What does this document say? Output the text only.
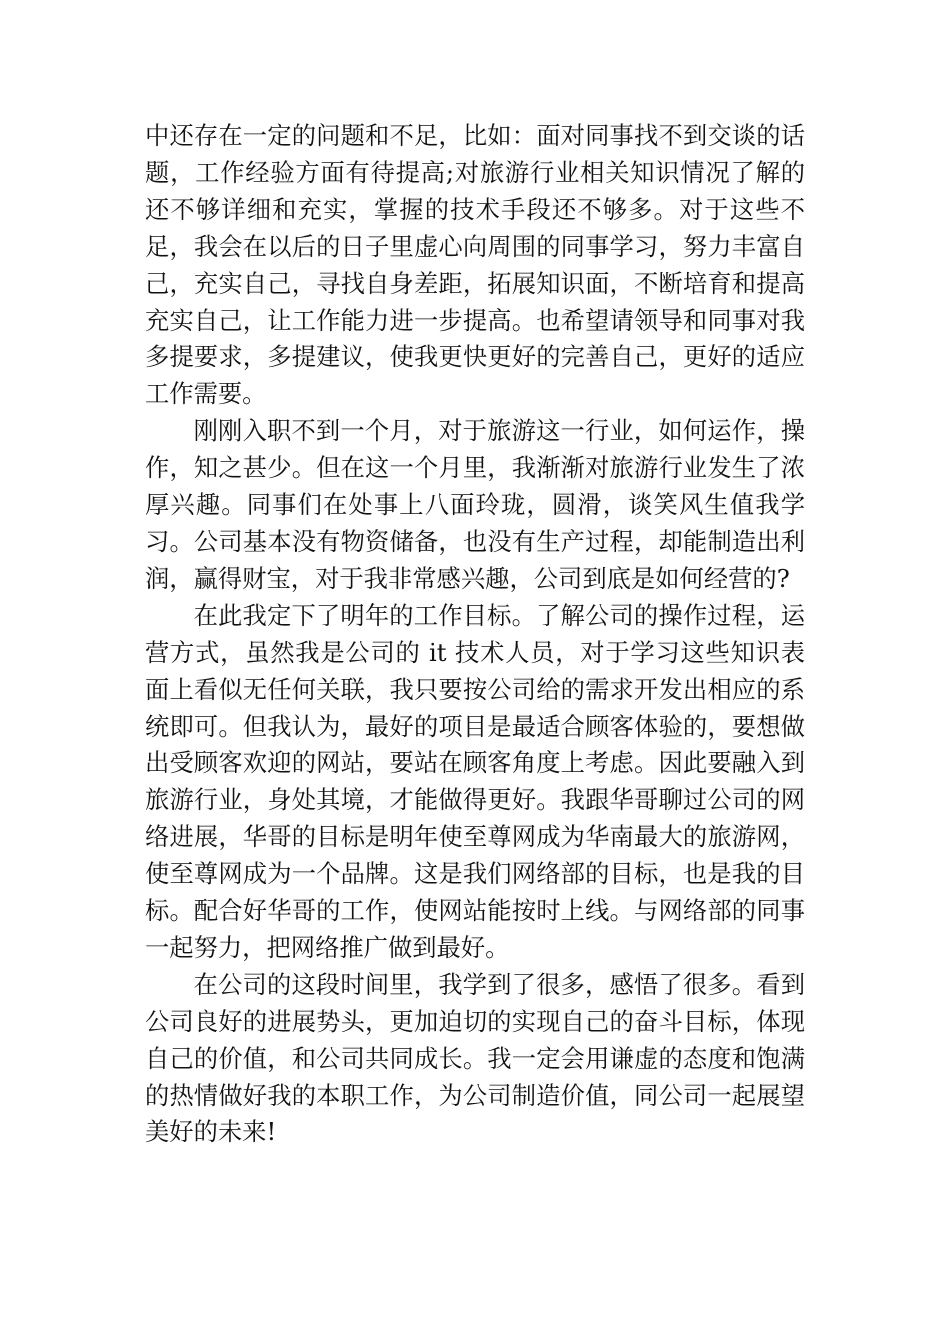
中还存在一定的问题和不足，比如：面对同事找不到交谈的话题，工作经验方面有待提高;对旅游行业相关知识情况了解的还不够详细和充实，掌握的技术手段还不够多。对于这些不足，我会在以后的日子里虚心向周围的同事学习，努力丰富自己，充实自己，寻找自身差距，拓展知识面，不断培育和提高充实自己，让工作能力进一步提高。也希望请领导和同事对我多提要求，多提建议，使我更快更好的完善自己，更好的适应工作需要。

刚刚入职不到一个月，对于旅游这一行业，如何运作，操作，知之甚少。但在这一个月里，我渐渐对旅游行业发生了浓厚兴趣。同事们在处事上八面玲珑，圆滑，谈笑风生值我学习。公司基本没有物资储备，也没有生产过程，却能制造出利润，赢得财宝，对于我非常感兴趣，公司到底是如何经营的?

在此我定下了明年的工作目标。了解公司的操作过程，运营方式，虽然我是公司的 it 技术人员，对于学习这些知识表面上看似无任何关联，我只要按公司给的需求开发出相应的系统即可。但我认为，最好的项目是最适合顾客体验的，要想做出受顾客欢迎的网站，要站在顾客角度上考虑。因此要融入到旅游行业，身处其境，才能做得更好。我跟华哥聊过公司的网络进展，华哥的目标是明年使至尊网成为华南最大的旅游网，使至尊网成为一个品牌。这是我们网络部的目标，也是我的目标。配合好华哥的工作，使网站能按时上线。与网络部的同事一起努力，把网络推广做到最好。

在公司的这段时间里，我学到了很多，感悟了很多。看到公司良好的进展势头，更加迫切的实现自己的奋斗目标，体现自己的价值，和公司共同成长。我一定会用谦虚的态度和饱满的热情做好我的本职工作，为公司制造价值，同公司一起展望美好的未来!
